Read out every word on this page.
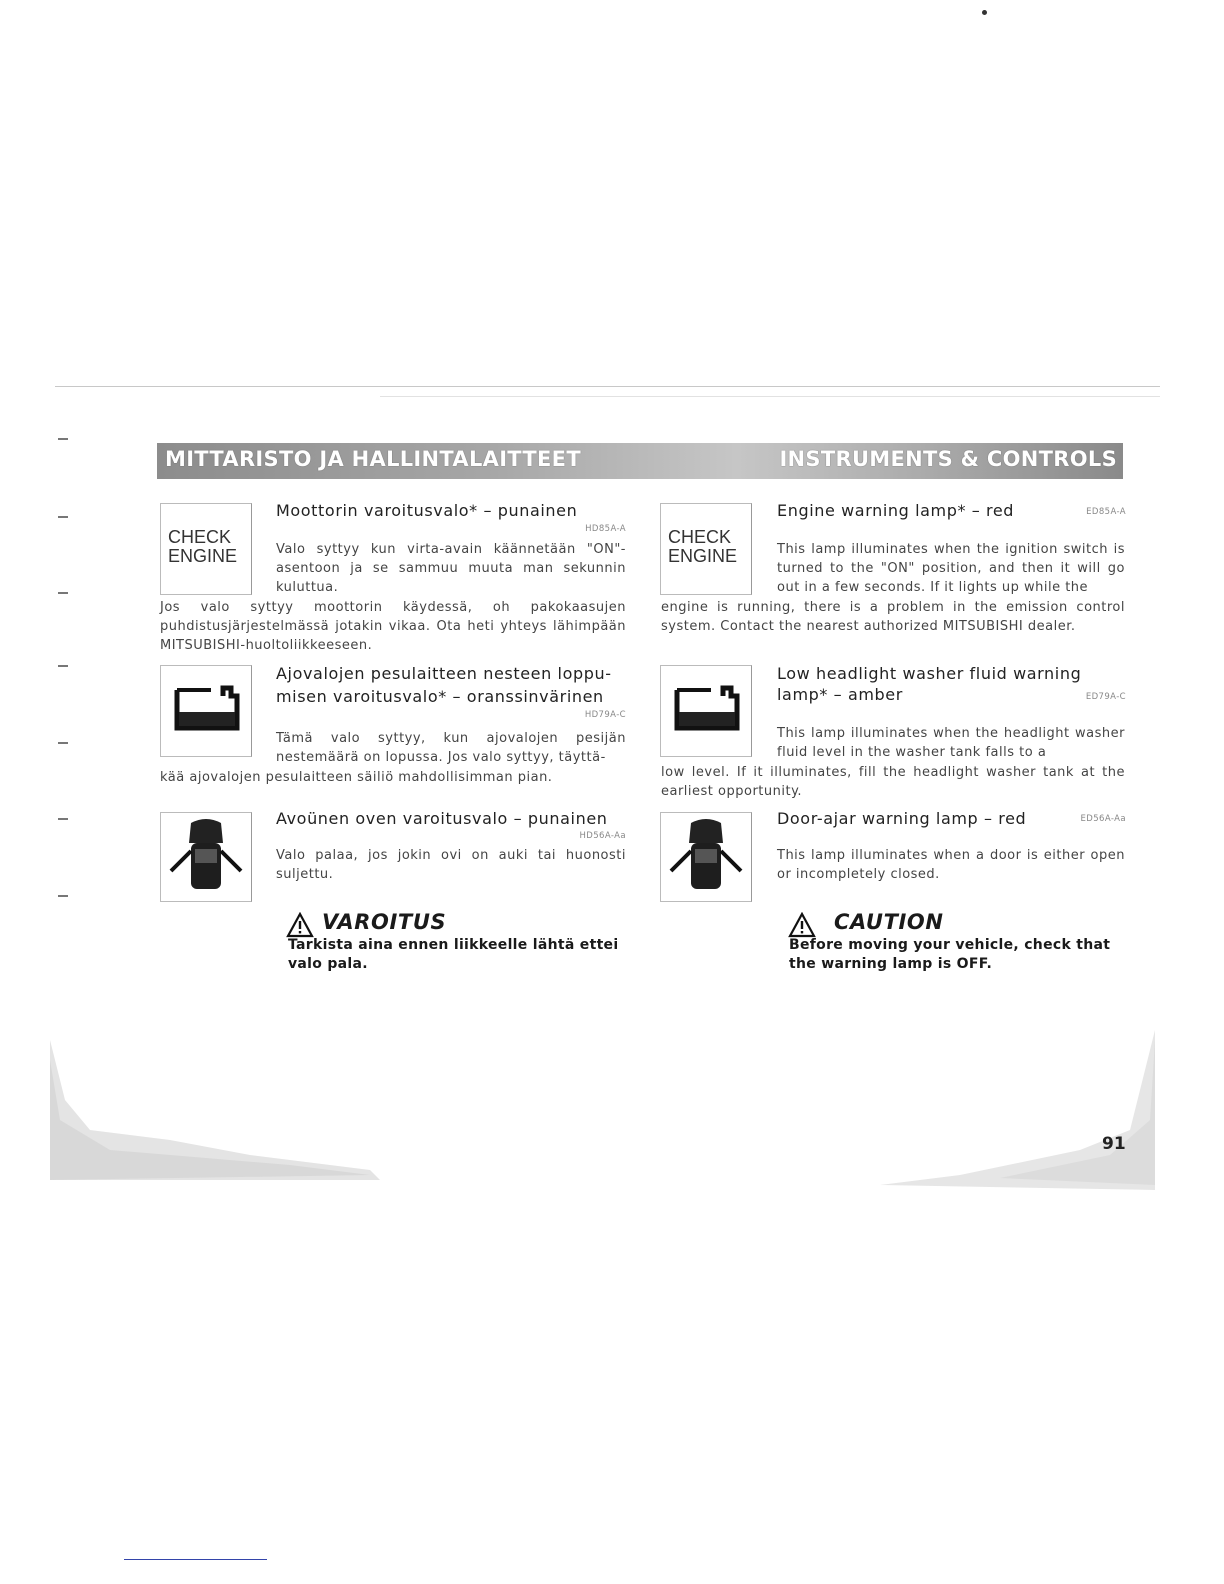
MITTARISTO JA HALLINTALAITTEET	INSTRUMENTS & CONTROLS
CHECK
ENGINE
Moottorin varoitusvalo* – punainen
HD85A-A
Valo syttyy kun virta-avain käännetään "ON"-asentoon ja se sammuu muuta man sekunnin kuluttua.
Jos valo syttyy moottorin käydessä, oh pakokaasujen puhdistusjärjestelmässä jotakin vikaa. Ota heti yhteys lähimpään MITSUBISHI-huoltoliikkeeseen.
Ajovalojen pesulaitteen nesteen loppu-
misen varoitusvalo* – oranssinvärinen
HD79A-C
Tämä valo syttyy, kun ajovalojen pesijän nestemäärä on lopussa. Jos valo syttyy, täyttä-
kää ajovalojen pesulaitteen säiliö mahdollisimman pian.
Avoünen oven varoitusvalo – punainen
HD56A-Aa
Valo palaa, jos jokin ovi on auki tai huonosti suljettu.
VAROITUS
Tarkista aina ennen liikkeelle lähtä ettei valo pala.
CHECK
ENGINE
Engine warning lamp* – red	ED85A-A
This lamp illuminates when the ignition switch is turned to the "ON" position, and then it will go out in a few seconds. If it lights up while the
engine is running, there is a problem in the emission control system. Contact the nearest authorized MITSUBISHI dealer.
Low headlight washer fluid warning
lamp* – amber	ED79A-C
This lamp illuminates when the headlight washer fluid level in the washer tank falls to a
low level. If it illuminates, fill the headlight washer tank at the earliest opportunity.
Door-ajar warning lamp – red	ED56A-Aa
This lamp illuminates when a door is either open or incompletely closed.
CAUTION
Before moving your vehicle, check that the warning lamp is OFF.
91
